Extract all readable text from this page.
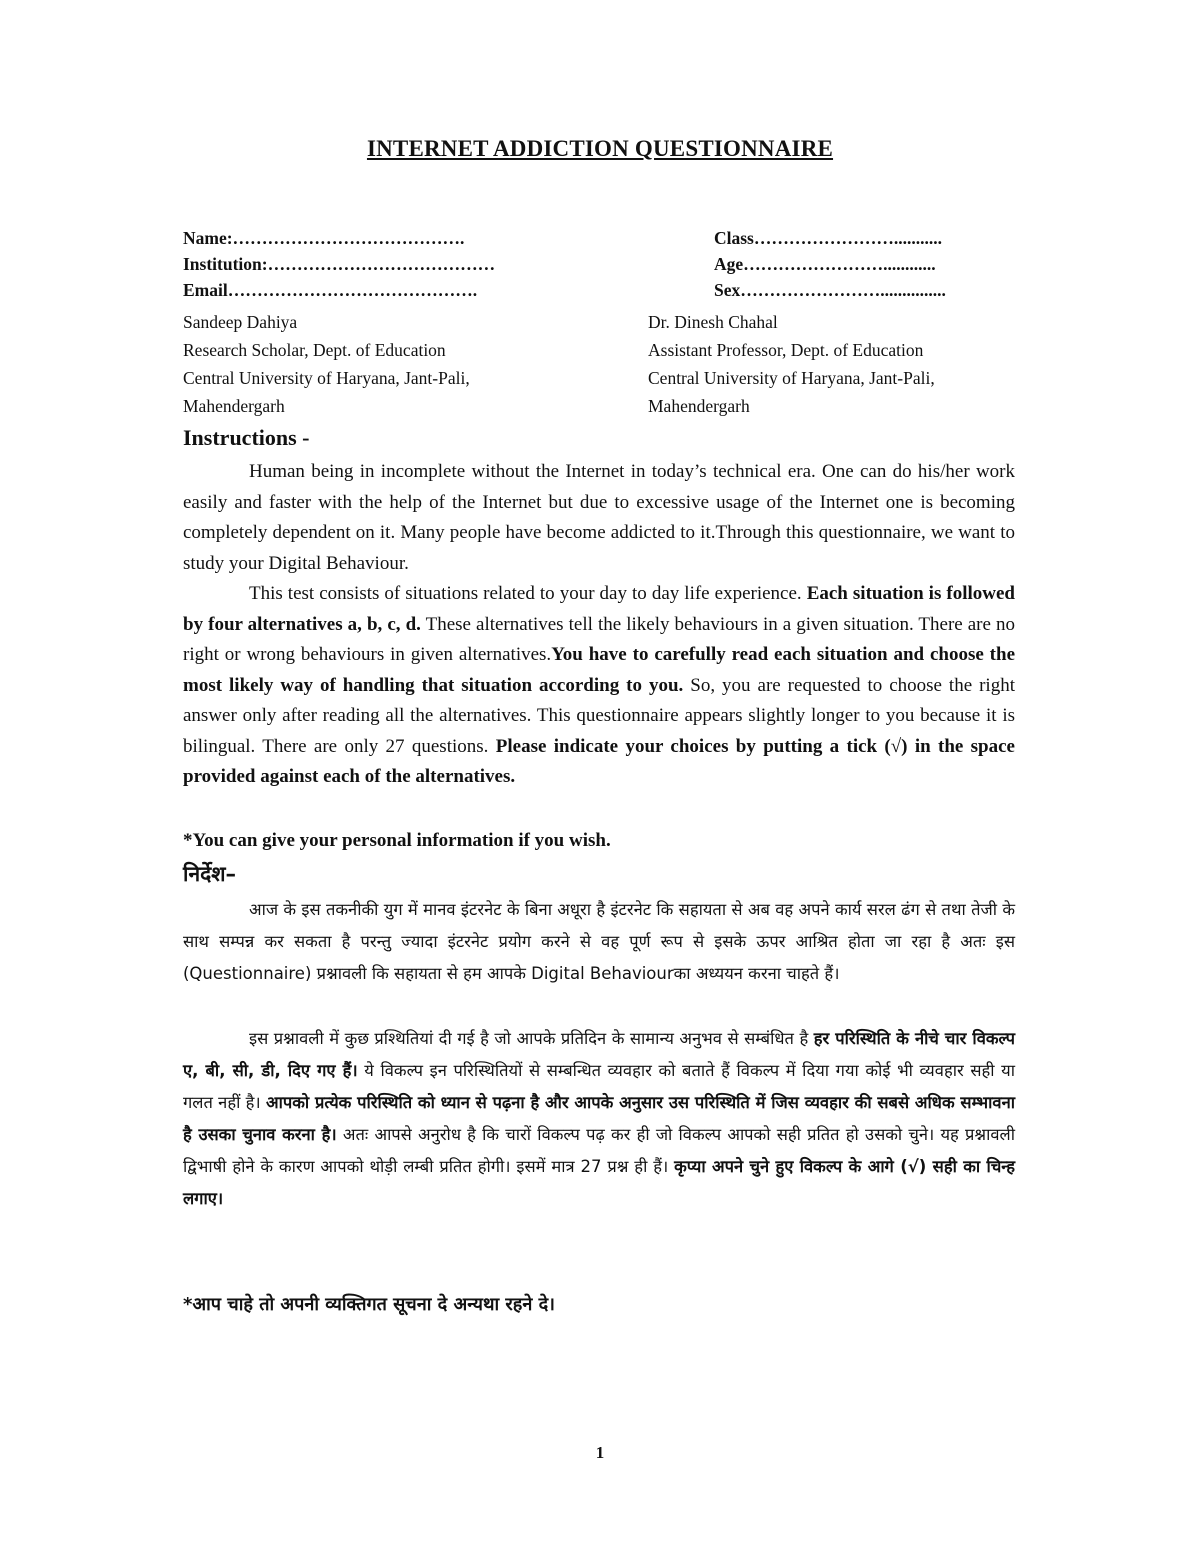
INTERNET ADDICTION QUESTIONNAIRE
Name:………………………………….	Class……………………...........
Institution:…………………………………	Age……………………............
Email…………………………………….	Sex……………………...............
Sandeep Dahiya	Dr. Dinesh Chahal
Research Scholar, Dept. of Education	Assistant Professor, Dept. of Education
Central University of Haryana, Jant-Pali,	Central University of Haryana, Jant-Pali,
Mahendergarh	Mahendergarh
Instructions -

Human being in incomplete without the Internet in today’s technical era. One can do his/her work easily and faster with the help of the Internet but due to excessive usage of the Internet one is becoming completely dependent on it. Many people have become addicted to it.Through this questionnaire, we want to study your Digital Behaviour.

This test consists of situations related to your day to day life experience. Each situation is followed by four alternatives a, b, c, d. These alternatives tell the likely behaviours in a given situation. There are no right or wrong behaviours in given alternatives.You have to carefully read each situation and choose the most likely way of handling that situation according to you. So, you are requested to choose the right answer only after reading all the alternatives. This questionnaire appears slightly longer to you because it is bilingual. There are only 27 questions. Please indicate your choices by putting a tick (√) in the space provided against each of the alternatives.

*You can give your personal information if you wish.
निर्देश–

आज के इस तकनीकी युग में मानव इंटरनेट के बिना अधूरा है इंटरनेट कि सहायता से अब वह अपने कार्य सरल ढंग से तथा तेजी के साथ सम्पन्न कर सकता है परन्तु ज्यादा इंटरनेट प्रयोग करने से वह पूर्ण रूप से इसके ऊपर आश्रित होता जा रहा है अतः इस (Questionnaire) प्रश्नावली कि सहायता से हम आपके Digital Behaviourका अध्ययन करना चाहते हैं।

इस प्रश्नावली में कुछ प्रश्थितियां दी गई है जो आपके प्रतिदिन के सामान्य अनुभव से सम्बंधित है हर परिस्थिति के नीचे चार विकल्प ए, बी, सी, डी, दिए गए हैं। ये विकल्प इन परिस्थितियों से सम्बन्धित व्यवहार को बताते हैं विकल्प में दिया गया कोई भी व्यवहार सही या गलत नहीं है। आपको प्रत्येक परिस्थिति को ध्यान से पढ़ना है और आपके अनुसार उस परिस्थिति में जिस व्यवहार की सबसे अधिक सम्भावना है उसका चुनाव करना है। अतः आपसे अनुरोध है कि चारों विकल्प पढ़ कर ही जो विकल्प आपको सही प्रतित हो उसको चुने। यह प्रश्नावली द्विभाषी होने के कारण आपको थोड़ी लम्बी प्रतित होगी। इसमें मात्र 27 प्रश्न ही हैं। कृप्या अपने चुने हुए विकल्प के आगे (√) सही का चिन्ह लगाए।

*आप चाहे तो अपनी व्यक्तिगत सूचना दे अन्यथा रहने दे।
1
